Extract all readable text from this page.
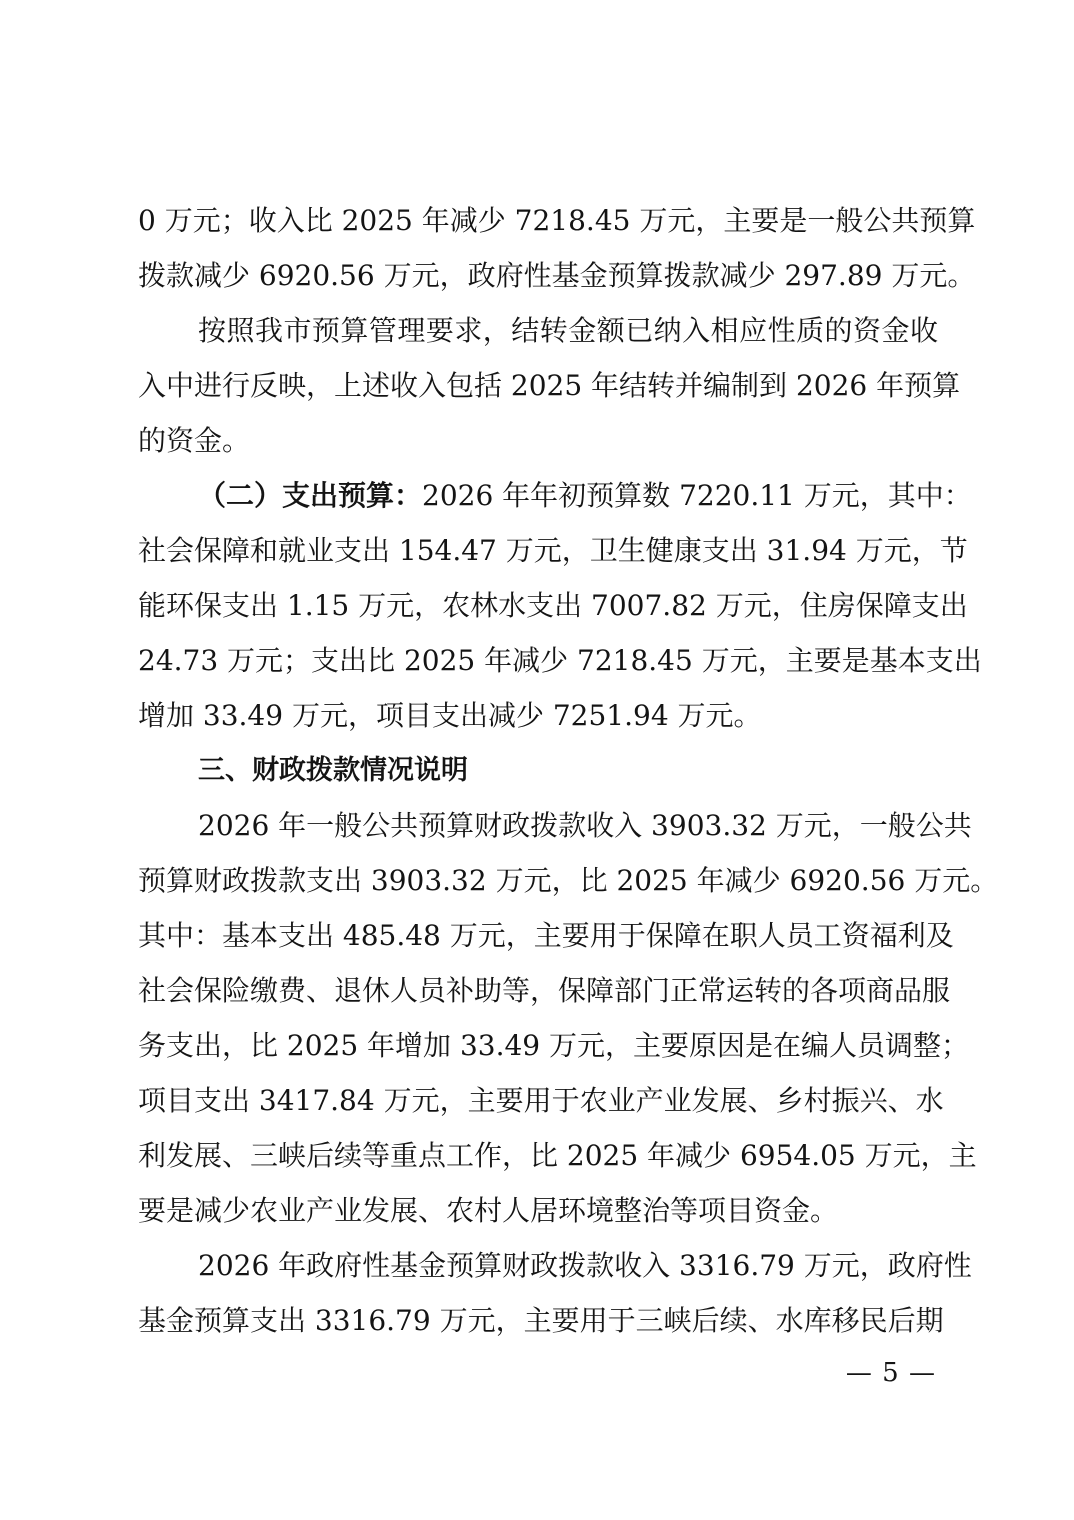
0 万元；收入比 2025 年减少 7218.45 万元，主要是一般公共预算
拨款减少 6920.56 万元，政府性基金预算拨款减少 297.89 万元。
按照我市预算管理要求，结转金额已纳入相应性质的资金收
入中进行反映，上述收入包括 2025 年结转并编制到 2026 年预算
的资金。
（二）支出预算：2026 年年初预算数 7220.11 万元，其中：
社会保障和就业支出 154.47 万元，卫生健康支出 31.94 万元，节
能环保支出 1.15 万元，农林水支出 7007.82 万元，住房保障支出
24.73 万元；支出比 2025 年减少 7218.45 万元，主要是基本支出
增加 33.49 万元，项目支出减少 7251.94 万元。
三、财政拨款情况说明
2026 年一般公共预算财政拨款收入 3903.32 万元，一般公共
预算财政拨款支出 3903.32 万元，比 2025 年减少 6920.56 万元。
其中：基本支出 485.48 万元，主要用于保障在职人员工资福利及
社会保险缴费、退休人员补助等，保障部门正常运转的各项商品服
务支出，比 2025 年增加 33.49 万元，主要原因是在编人员调整；
项目支出 3417.84 万元，主要用于农业产业发展、乡村振兴、水
利发展、三峡后续等重点工作，比 2025 年减少 6954.05 万元，主
要是减少农业产业发展、农村人居环境整治等项目资金。
2026 年政府性基金预算财政拨款收入 3316.79 万元，政府性
基金预算支出 3316.79 万元，主要用于三峡后续、水库移民后期
— 5 —
